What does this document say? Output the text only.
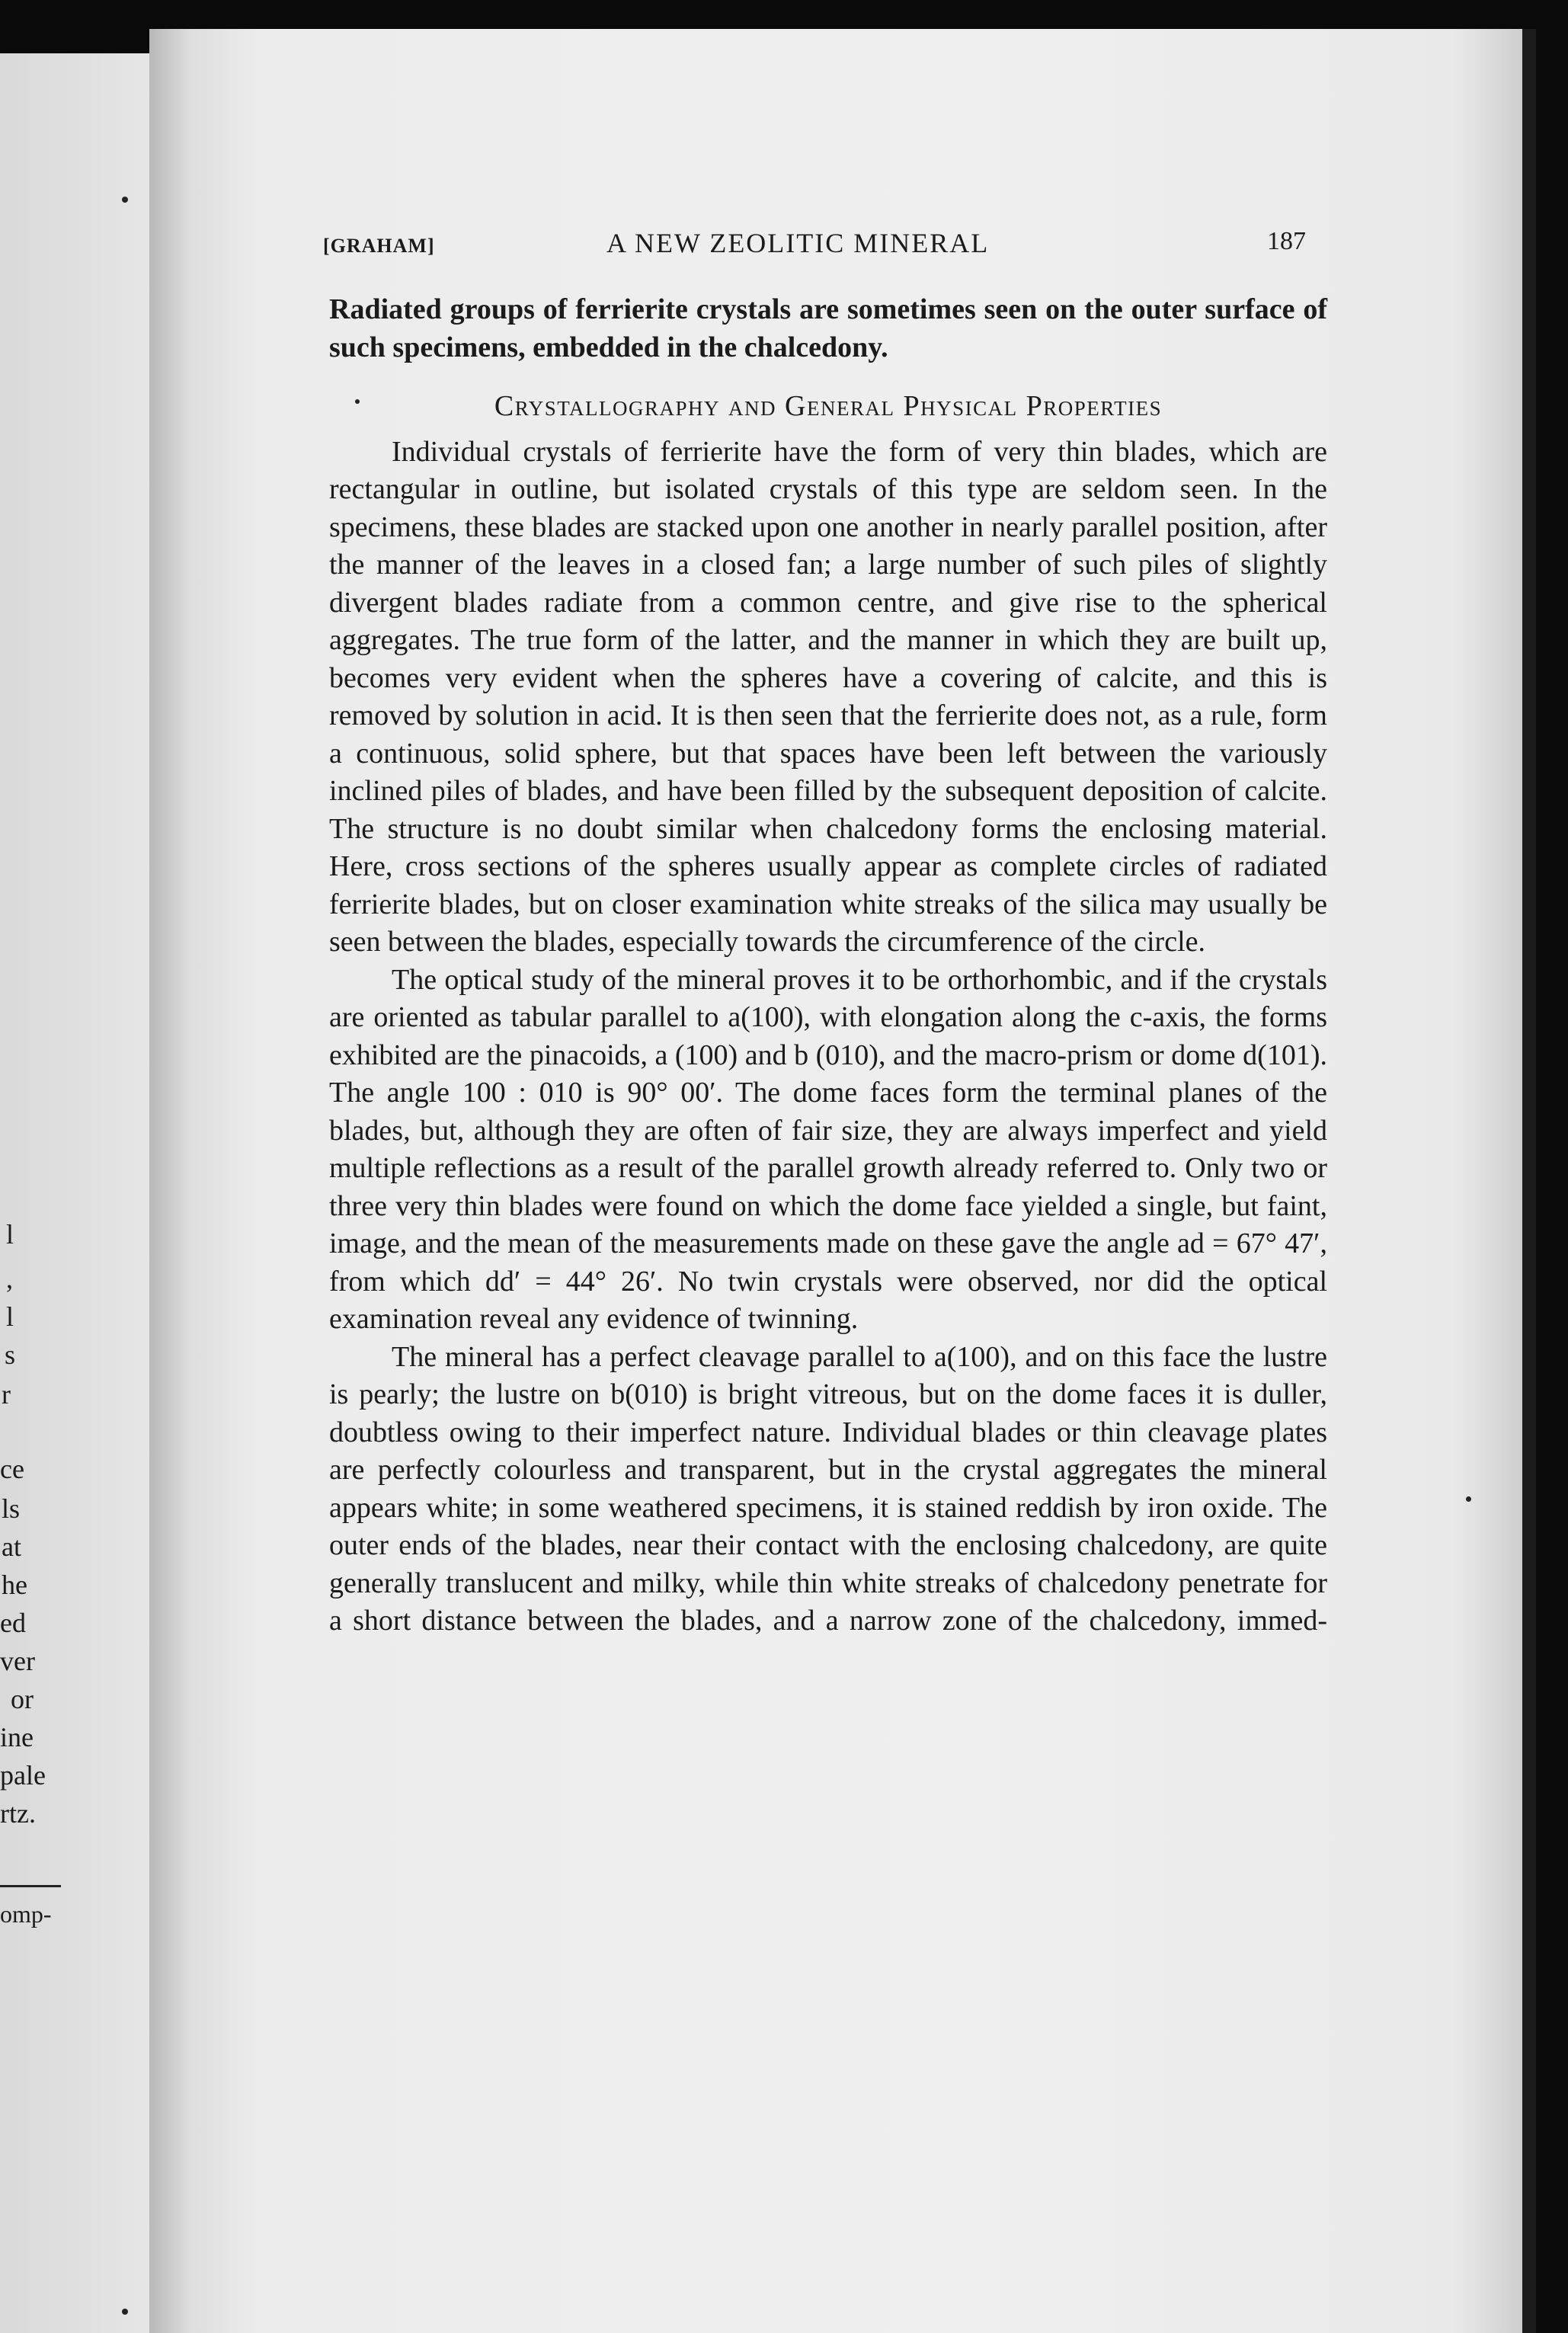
l
,
l
s
r
ce
ls
at
he
ed
ver
or
ine
pale
rtz.
omp-
[GRAHAM]	A NEW ZEOLITIC MINERAL	187

Radiated groups of ferrierite crystals are sometimes seen on the outer surface of such specimens, embedded in the chalcedony.

Crystallography and General Physical Properties

Individual crystals of ferrierite have the form of very thin blades, which are rectangular in outline, but isolated crystals of this type are seldom seen. In the specimens, these blades are stacked upon one another in nearly parallel position, after the manner of the leaves in a closed fan; a large number of such piles of slightly divergent blades radiate from a common centre, and give rise to the spherical aggregates. The true form of the latter, and the manner in which they are built up, becomes very evident when the spheres have a covering of calcite, and this is removed by solution in acid. It is then seen that the ferrierite does not, as a rule, form a continuous, solid sphere, but that spaces have been left between the variously inclined piles of blades, and have been filled by the subsequent deposition of calcite. The structure is no doubt similar when chalcedony forms the enclosing material. Here, cross sections of the spheres usually appear as complete circles of radiated ferrierite blades, but on closer examination white streaks of the silica may usually be seen between the blades, especially towards the circumference of the circle.

The optical study of the mineral proves it to be orthorhombic, and if the crystals are oriented as tabular parallel to a(100), with elongation along the c-axis, the forms exhibited are the pinacoids, a (100) and b (010), and the macro-prism or dome d(101). The angle 100 : 010 is 90° 00′. The dome faces form the terminal planes of the blades, but, although they are often of fair size, they are always imperfect and yield multiple reflections as a result of the parallel growth already referred to. Only two or three very thin blades were found on which the dome face yielded a single, but faint, image, and the mean of the measurements made on these gave the angle ad = 67° 47′, from which dd′ = 44° 26′. No twin crystals were observed, nor did the optical examination reveal any evidence of twinning.

The mineral has a perfect cleavage parallel to a(100), and on this face the lustre is pearly; the lustre on b(010) is bright vitreous, but on the dome faces it is duller, doubtless owing to their imperfect nature. Individual blades or thin cleavage plates are perfectly colourless and transparent, but in the crystal aggregates the mineral appears white; in some weathered specimens, it is stained reddish by iron oxide. The outer ends of the blades, near their contact with the enclosing chalcedony, are quite generally translucent and milky, while thin white streaks of chalcedony penetrate for a short distance between the blades, and a narrow zone of the chalcedony, immed-
